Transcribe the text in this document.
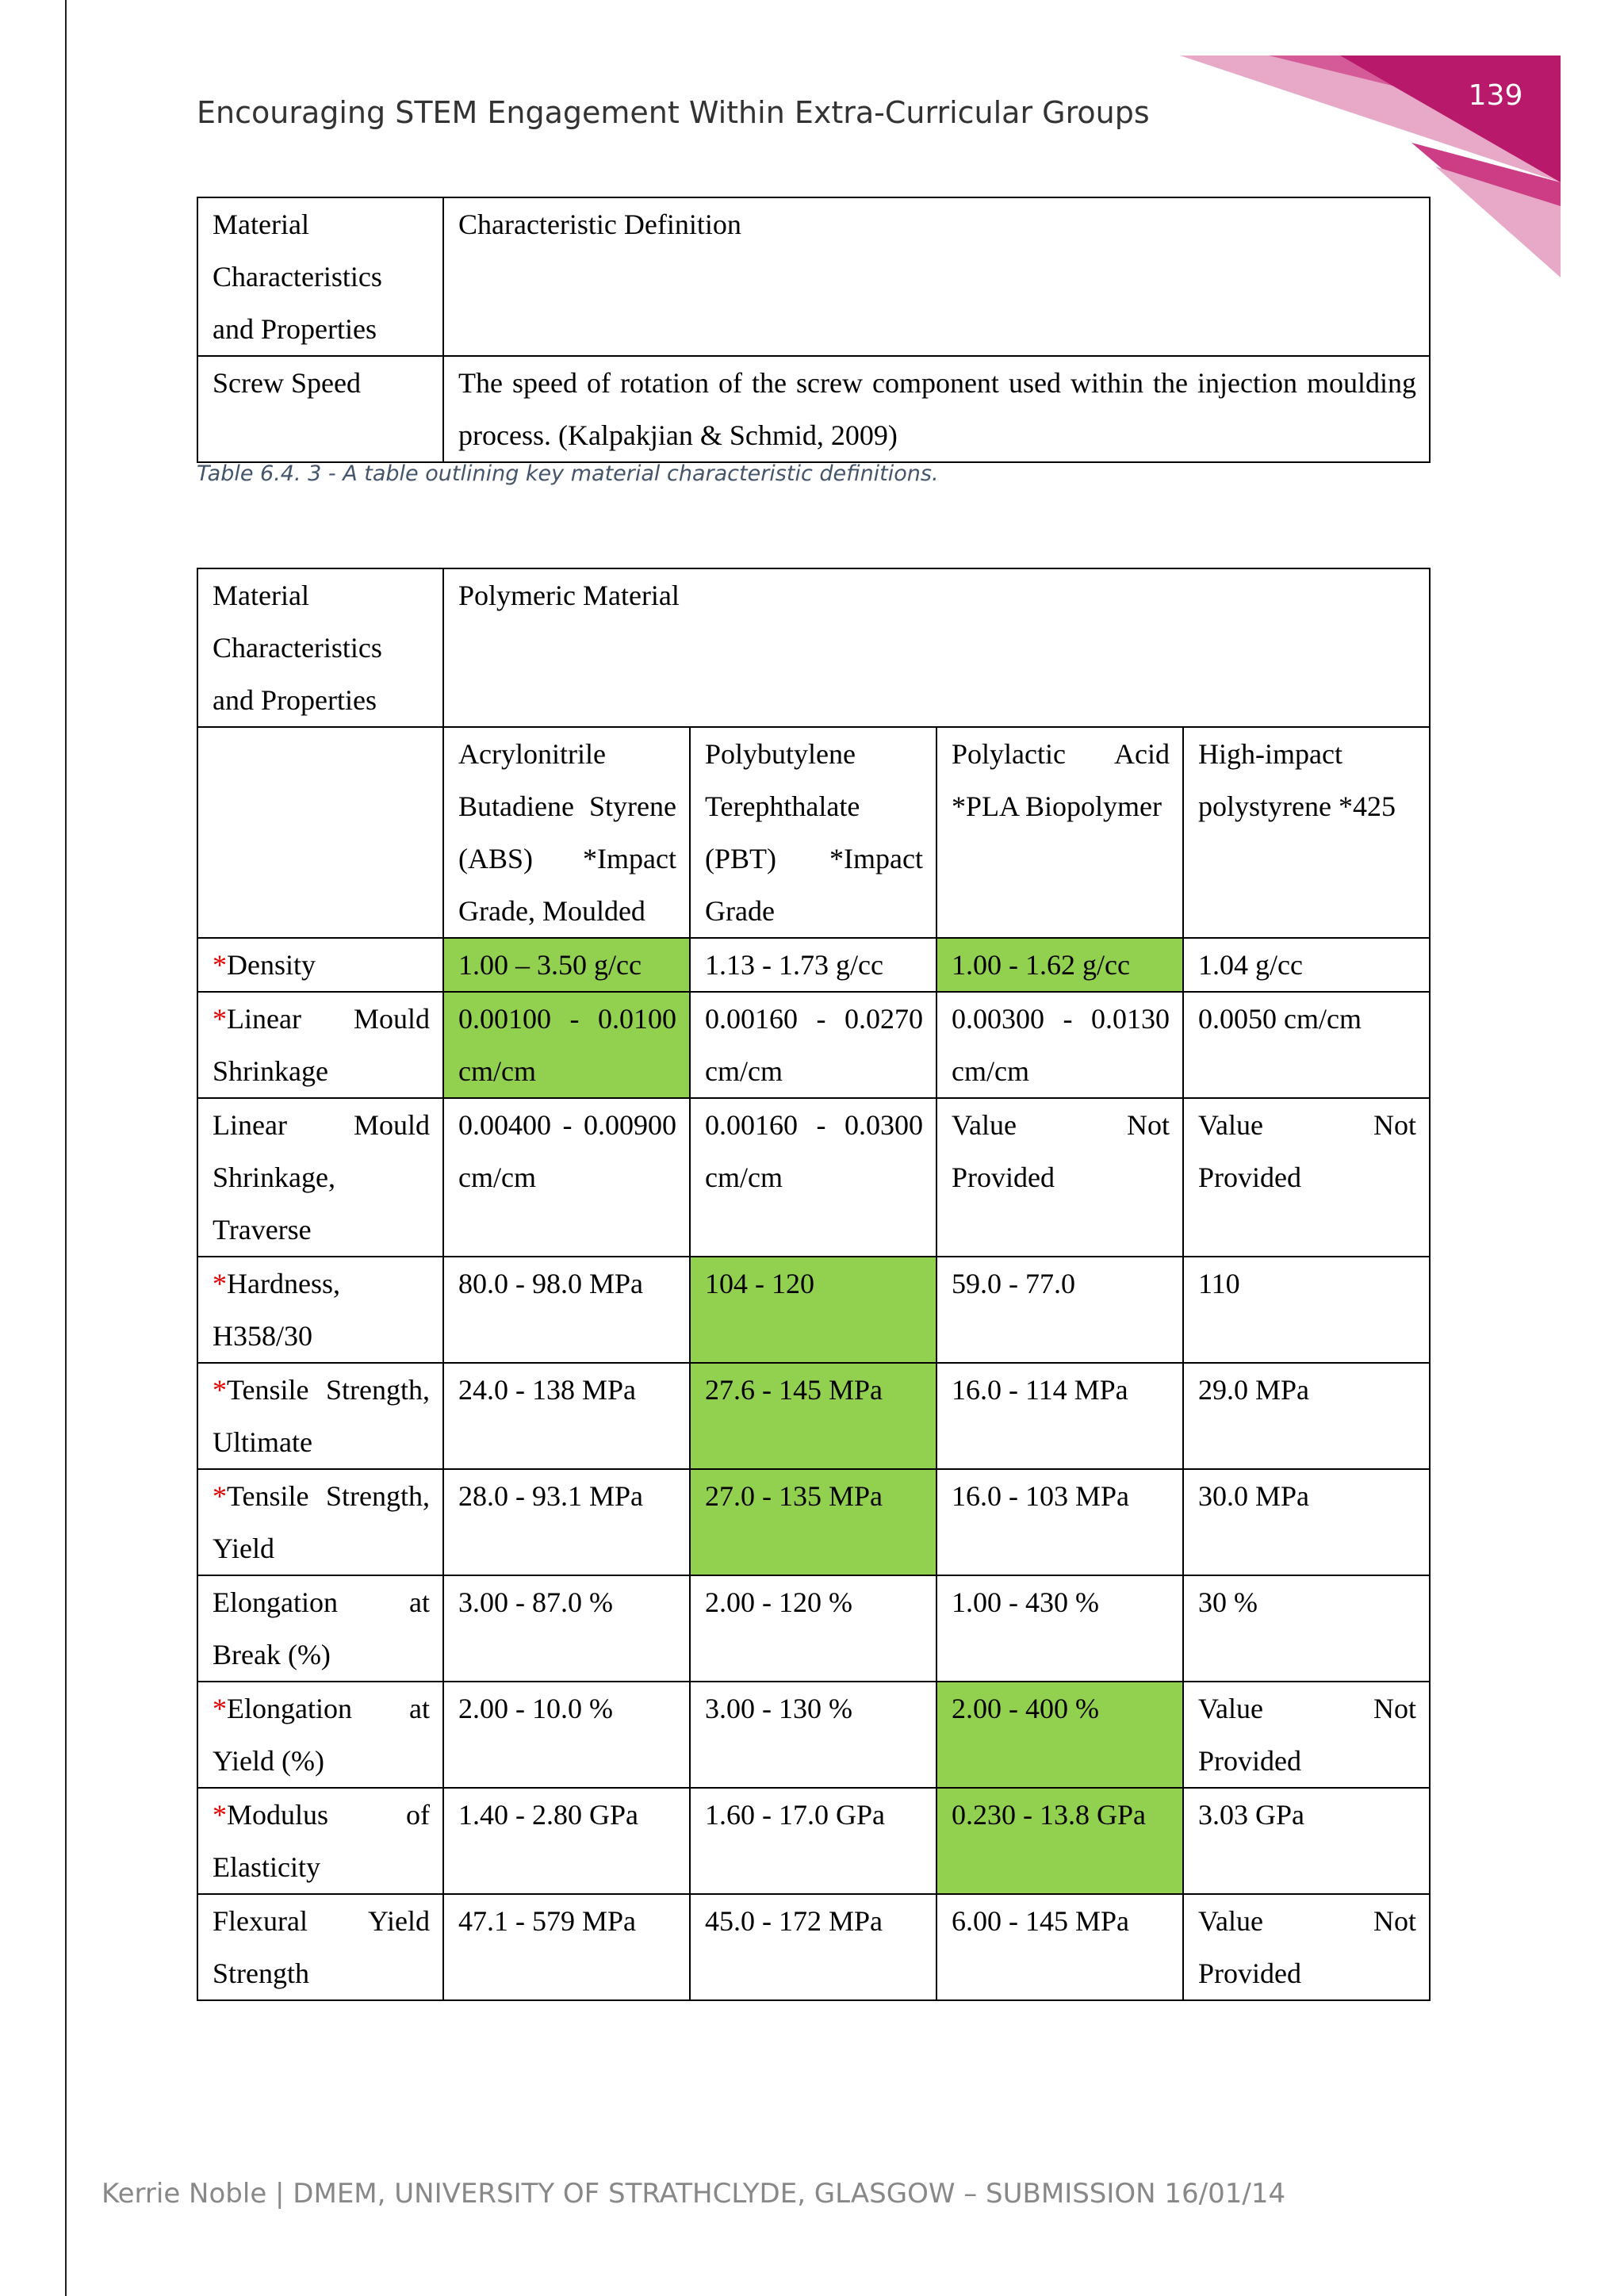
139
Encouraging STEM Engagement Within Extra-Curricular Groups
Material Characteristics and Properties	Characteristic Definition
Screw Speed	The speed of rotation of the screw component used within the injection moulding process. (Kalpakjian & Schmid, 2009)
Table 6.4. 3 - A table outlining key material characteristic definitions.
Material Characteristics and Properties	Polymeric Material			
	Acrylonitrile Butadiene Styrene (ABS) *Impact Grade, Moulded	Polybutylene Terephthalate (PBT) *Impact Grade	Polylactic Acid *PLA Biopolymer	High-impact polystyrene *425
*Density	1.00 – 3.50 g/cc	1.13 - 1.73 g/cc	1.00 - 1.62 g/cc	1.04 g/cc
*Linear Mould Shrinkage	0.00100 - 0.0100 cm/cm	0.00160 - 0.0270 cm/cm	0.00300 - 0.0130 cm/cm	0.0050 cm/cm
Linear Mould Shrinkage, Traverse	0.00400 - 0.00900 cm/cm	0.00160 - 0.0300 cm/cm	Value Not Provided	Value Not Provided
*Hardness, H358/30	80.0 - 98.0 MPa	104 - 120	59.0 - 77.0	110
*Tensile Strength, Ultimate	24.0 - 138 MPa	27.6 - 145 MPa	16.0 - 114 MPa	29.0 MPa
*Tensile Strength, Yield	28.0 - 93.1 MPa	27.0 - 135 MPa	16.0 - 103 MPa	30.0 MPa
Elongation at Break (%)	3.00 - 87.0 %	2.00 - 120 %	1.00 - 430 %	30 %
*Elongation at Yield (%)	2.00 - 10.0 %	3.00 - 130 %	2.00 - 400 %	Value Not Provided
*Modulus of Elasticity	1.40 - 2.80 GPa	1.60 - 17.0 GPa	0.230 - 13.8 GPa	3.03 GPa
Flexural Yield Strength	47.1 - 579 MPa	45.0 - 172 MPa	6.00 - 145 MPa	Value Not Provided
Kerrie Noble | DMEM, UNIVERSITY OF STRATHCLYDE, GLASGOW – SUBMISSION 16/01/14
